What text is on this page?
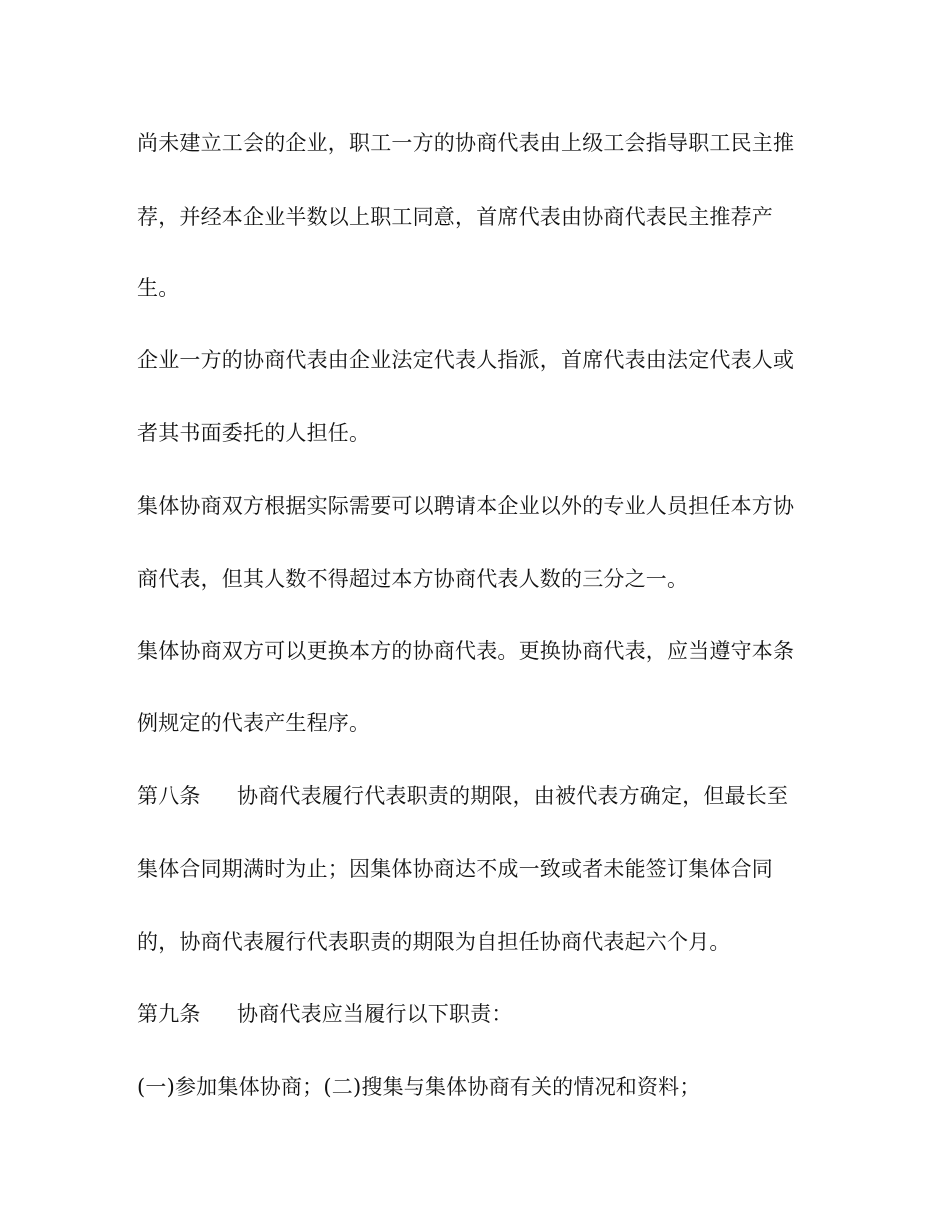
尚未建立工会的企业，职工一方的协商代表由上级工会指导职工民主推
荐，并经本企业半数以上职工同意，首席代表由协商代表民主推荐产
生。
企业一方的协商代表由企业法定代表人指派，首席代表由法定代表人或
者其书面委托的人担任。
集体协商双方根据实际需要可以聘请本企业以外的专业人员担任本方协
商代表，但其人数不得超过本方协商代表人数的三分之一。
集体协商双方可以更换本方的协商代表。更换协商代表，应当遵守本条
例规定的代表产生程序。
第八条 协商代表履行代表职责的期限，由被代表方确定，但最长至
集体合同期满时为止；因集体协商达不成一致或者未能签订集体合同
的，协商代表履行代表职责的期限为自担任协商代表起六个月。
第九条 协商代表应当履行以下职责：
(一)参加集体协商；(二)搜集与集体协商有关的情况和资料；
